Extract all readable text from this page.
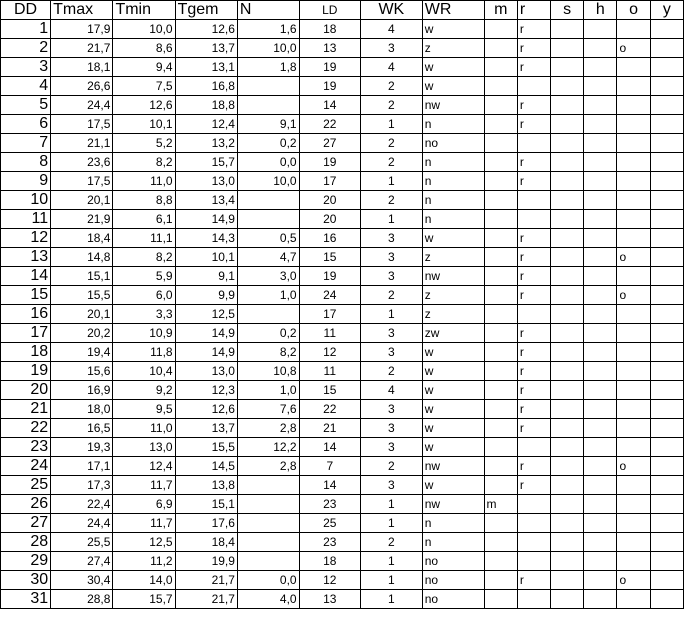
DD	Tmax	Tmin	Tgem	N	LD	WK	WR	m	r	s	h	o	y
1	17,9	10,0	12,6	1,6	18	4	w		r				
2	21,7	8,6	13,7	10,0	13	3	z		r			o	
3	18,1	9,4	13,1	1,8	19	4	w		r				
4	26,6	7,5	16,8		19	2	w						
5	24,4	12,6	18,8		14	2	nw		r				
6	17,5	10,1	12,4	9,1	22	1	n		r				
7	21,1	5,2	13,2	0,2	27	2	no						
8	23,6	8,2	15,7	0,0	19	2	n		r				
9	17,5	11,0	13,0	10,0	17	1	n		r				
10	20,1	8,8	13,4		20	2	n						
11	21,9	6,1	14,9		20	1	n						
12	18,4	11,1	14,3	0,5	16	3	w		r				
13	14,8	8,2	10,1	4,7	15	3	z		r			o	
14	15,1	5,9	9,1	3,0	19	3	nw		r				
15	15,5	6,0	9,9	1,0	24	2	z		r			o	
16	20,1	3,3	12,5		17	1	z						
17	20,2	10,9	14,9	0,2	11	3	zw		r				
18	19,4	11,8	14,9	8,2	12	3	w		r				
19	15,6	10,4	13,0	10,8	11	2	w		r				
20	16,9	9,2	12,3	1,0	15	4	w		r				
21	18,0	9,5	12,6	7,6	22	3	w		r				
22	16,5	11,0	13,7	2,8	21	3	w		r				
23	19,3	13,0	15,5	12,2	14	3	w						
24	17,1	12,4	14,5	2,8	7	2	nw		r			o	
25	17,3	11,7	13,8		14	3	w		r				
26	22,4	6,9	15,1		23	1	nw	m					
27	24,4	11,7	17,6		25	1	n						
28	25,5	12,5	18,4		23	2	n						
29	27,4	11,2	19,9		18	1	no						
30	30,4	14,0	21,7	0,0	12	1	no		r			o	
31	28,8	15,7	21,7	4,0	13	1	no						
